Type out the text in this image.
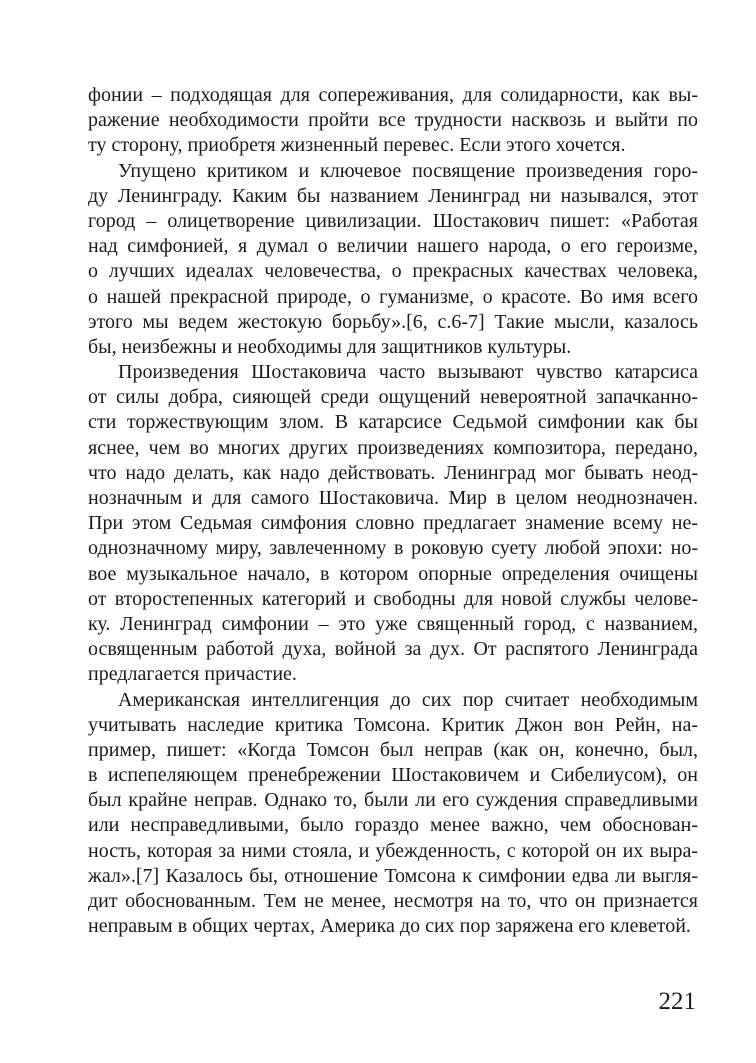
фонии – подходящая для сопереживания, для солидарности, как вы-
ражение необходимости пройти все трудности насквозь и выйти по
ту сторону, приобретя жизненный перевес. Если этого хочется.
Упущено критиком и ключевое посвящение произведения горо-
ду Ленинграду. Каким бы названием Ленинград ни назывался, этот
город – олицетворение цивилизации. Шостакович пишет: «Работая
над симфонией, я думал о величии нашего народа, о его героизме,
о лучших идеалах человечества, о прекрасных качествах человека,
о нашей прекрасной природе, о гуманизме, о красоте. Во имя всего
этого мы ведем жестокую борьбу».[6, с.6-7] Такие мысли, казалось
бы, неизбежны и необходимы для защитников культуры.
Произведения Шостаковича часто вызывают чувство катарсиса
от силы добра, сияющей среди ощущений невероятной запачканно-
сти торжествующим злом. В катарсисе Седьмой симфонии как бы
яснее, чем во многих других произведениях композитора, передано,
что надо делать, как надо действовать. Ленинград мог бывать неод-
нозначным и для самого Шостаковича. Мир в целом неоднозначен.
При этом Седьмая симфония словно предлагает знамение всему не-
однозначному миру, завлеченному в роковую суету любой эпохи: но-
вое музыкальное начало, в котором опорные определения очищены
от второстепенных категорий и свободны для новой службы челове-
ку. Ленинград симфонии – это уже священный город, с названием,
освященным работой духа, войной за дух. От распятого Ленинграда
предлагается причастие.
Американская интеллигенция до сих пор считает необходимым
учитывать наследие критика Томсона. Критик Джон вон Рейн, на-
пример, пишет: «Когда Томсон был неправ (как он, конечно, был,
в испепеляющем пренебрежении Шостаковичем и Сибелиусом), он
был крайне неправ. Однако то, были ли его суждения справедливыми
или несправедливыми, было гораздо менее важно, чем обоснован-
ность, которая за ними стояла, и убежденность, с которой он их выра-
жал».[7] Казалось бы, отношение Томсона к симфонии едва ли выгля-
дит обоснованным. Тем не менее, несмотря на то, что он признается
неправым в общих чертах, Америка до сих пор заряжена его клеветой.
221
